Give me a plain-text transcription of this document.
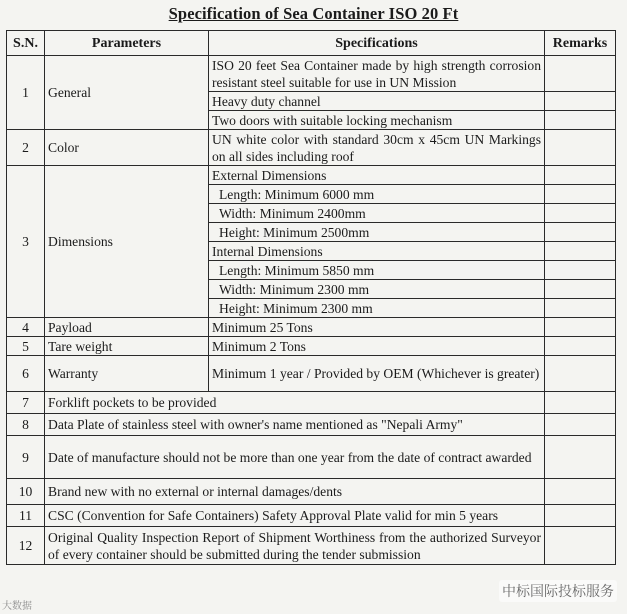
Specification of Sea Container ISO 20 Ft
S.N.	Parameters	Specifications	Remarks
1	General	ISO 20 feet Sea Container made by high strength corrosion resistant steel suitable for use in UN Mission	
		Heavy duty channel	
		Two doors with suitable locking mechanism	
2	Color	UN white color with standard 30cm x 45cm UN Markings on all sides including roof	
3	Dimensions	External Dimensions	
		Length: Minimum 6000 mm	
		Width: Minimum 2400mm	
		Height: Minimum 2500mm	
		Internal Dimensions	
		Length: Minimum 5850 mm	
		Width: Minimum 2300 mm	
		Height: Minimum 2300 mm	
4	Payload	Minimum 25 Tons	
5	Tare weight	Minimum 2 Tons	
6	Warranty	Minimum 1 year / Provided by OEM (Whichever is greater)	
7	Forklift pockets to be provided		
8	Data Plate of stainless steel with owner's name mentioned as "Nepali Army"		
9	Date of manufacture should not be more than one year from the date of contract awarded		
10	Brand new with no external or internal damages/dents		
11	CSC (Convention for Safe Containers) Safety Approval Plate valid for min 5 years		
12	Original Quality Inspection Report of Shipment Worthiness from the authorized Surveyor of every container should be submitted during the tender submission		
中标国际投标服务
大数据
